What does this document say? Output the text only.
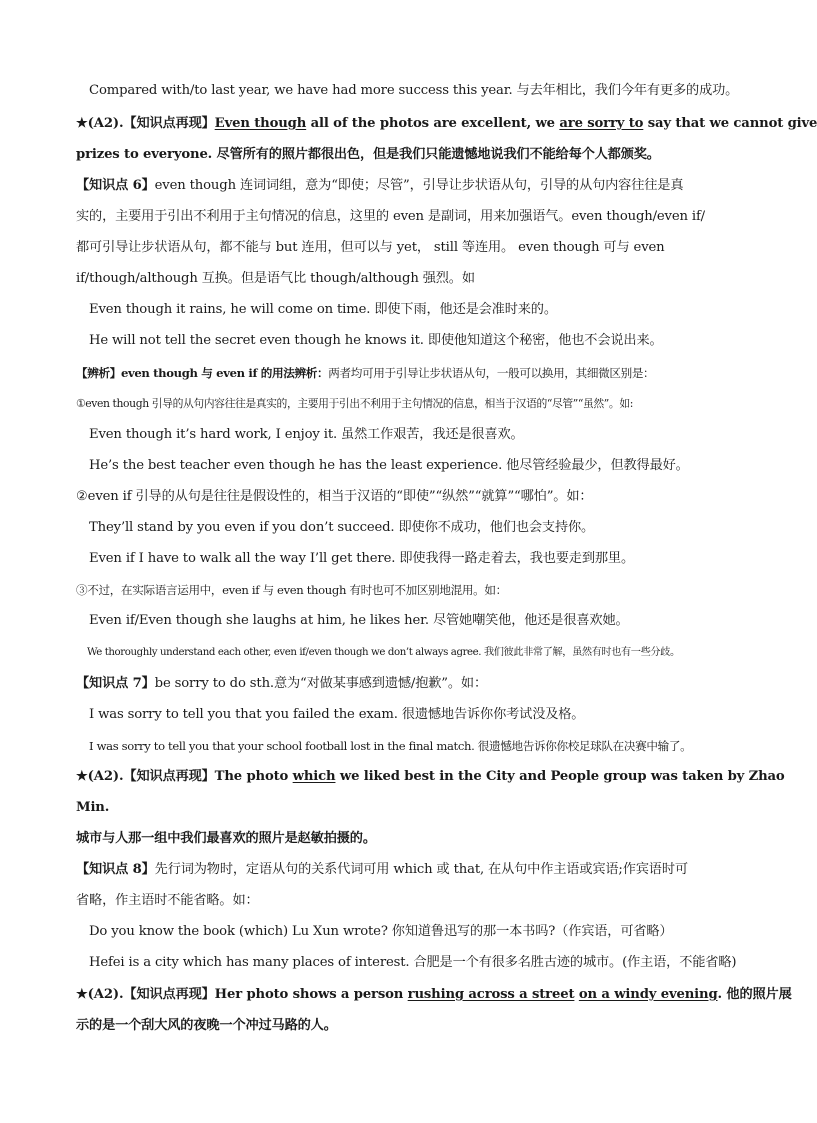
Compared with/to last year, we have had more success this year. 与去年相比，我们今年有更多的成功。
★(A2).【知识点再现】Even though all of the photos are excellent, we are sorry to say that we cannot give
prizes to everyone. 尽管所有的照片都很出色，但是我们只能遗憾地说我们不能给每个人都颁奖。
【知识点 6】even though 连词词组，意为“即使；尽管”，引导让步状语从句，引导的从句内容往往是真
实的，主要用于引出不利用于主句情况的信息，这里的 even 是副词，用来加强语气。even though/even if/
都可引导让步状语从句，都不能与 but 连用，但可以与 yet， still 等连用。 even though 可与 even
if/though/although 互换。但是语气比 though/although 强烈。如
Even though it rains, he will come on time. 即使下雨，他还是会准时来的。
He will not tell the secret even though he knows it. 即使他知道这个秘密，他也不会说出来。
【辨析】even though 与 even if 的用法辨析：两者均可用于引导让步状语从句，一般可以换用，其细微区别是：
①even though 引导的从句内容往往是真实的，主要用于引出不利用于主句情况的信息，相当于汉语的“尽管”“虽然”。如:
Even though it’s hard work, I enjoy it. 虽然工作艰苦，我还是很喜欢。
He’s the best teacher even though he has the least experience. 他尽管经验最少，但教得最好。
②even if 引导的从句是往往是假设性的，相当于汉语的“即使”“纵然”“就算”“哪怕”。如：
They’ll stand by you even if you don’t succeed. 即使你不成功，他们也会支持你。
Even if I have to walk all the way I’ll get there. 即使我得一路走着去，我也要走到那里。
③不过，在实际语言运用中，even if 与 even though 有时也可不加区别地混用。如：
Even if/Even though she laughs at him, he likes her. 尽管她嘲笑他，他还是很喜欢她。
We thoroughly understand each other, even if/even though we don’t always agree. 我们彼此非常了解，虽然有时也有一些分歧。
【知识点 7】be sorry to do sth.意为“对做某事感到遗憾/抱歉”。如：
I was sorry to tell you that you failed the exam. 很遗憾地告诉你你考试没及格。
I was sorry to tell you that your school football lost in the final match. 很遗憾地告诉你你校足球队在决赛中输了。
★(A2).【知识点再现】The photo which we liked best in the City and People group was taken by Zhao
Min.
城市与人那一组中我们最喜欢的照片是赵敏拍摄的。
【知识点 8】先行词为物时，定语从句的关系代词可用 which 或 that, 在从句中作主语或宾语;作宾语时可
省略，作主语时不能省略。如：
Do you know the book (which) Lu Xun wrote? 你知道鲁迅写的那一本书吗?（作宾语，可省略）
Hefei is a city which has many places of interest. 合肥是一个有很多名胜古迹的城市。(作主语，不能省略)
★(A2).【知识点再现】Her photo shows a person rushing across a street on a windy evening. 他的照片展
示的是一个刮大风的夜晚一个冲过马路的人。
